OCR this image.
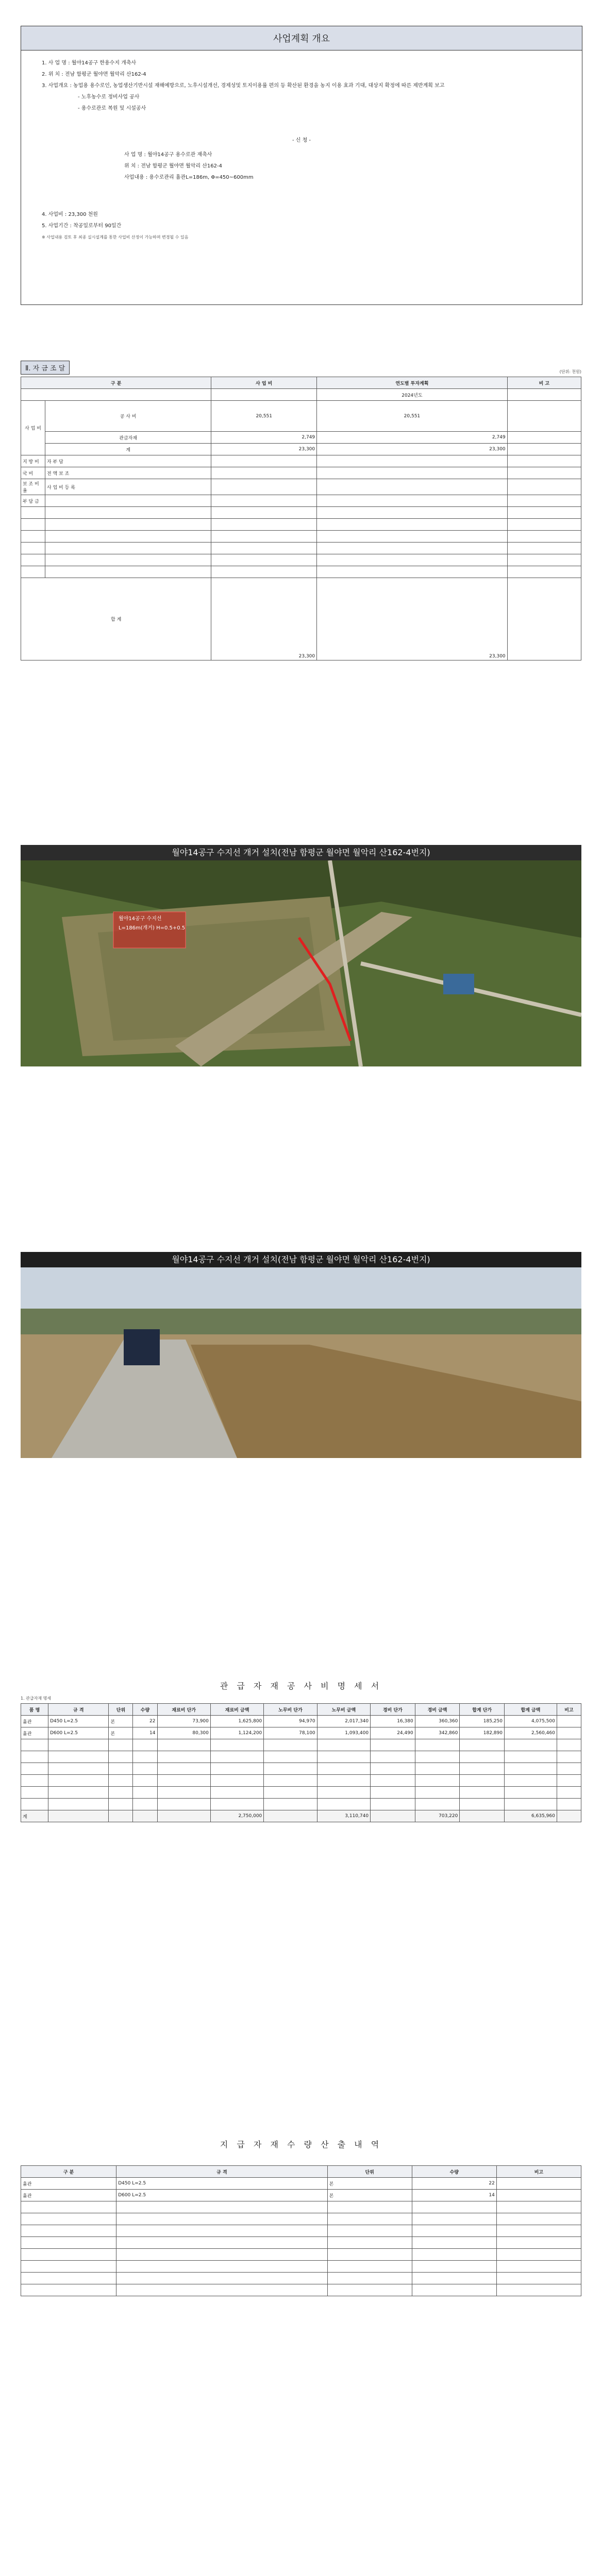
사업계획 개요
1. 사 업 명 : 월야14공구 한용수지 개축사
2. 위 치 : 전남 함평군 월야면 월악리 산162-4
3. 사업개요 : 농업용 용수로인, 농업생산기반시설 재해예방으로, 노후시설개선, 경제성및 토지이용률 편의 등 확산된 환경을 농지 이용 효과 기대, 대상지 확정에 따른 제반계획 보고
- 노후농수로 정비사업 공사
- 용수로관로 복원 및 시설공사
- 신 청 -
사 업 명 : 월야14공구 용수로관 재축사
위 치 : 전남 함평군 월야면 월악리 산162-4
사업내용 : 용수로관리 흄관L=186m, Φ=450~600mm
4. 사업비 : 23,300 천원
5. 사업기간 : 착공일로부터 90일간
※ 사업내용 검토 후 최종 실시설계를 통한 사업비 산정이 가능하며 변경될 수 있음
Ⅱ. 자 금 조 달	(단위: 천원)
구 분		사 업 비	연도별 투자계획	비 고
			2024년도	
사 업 비	공 사 비	20,551	20,551	
	관급자재	2,749	2,749	
	계	23,300	23,300	
지 방 비	자 부 담			
국 비	전 액 보 조			
보 조 비 율	사 업 비 등 록			
부 담 금				

합 계		23,300	23,300	
월야14공구 수지선 개거 설치(전남 함평군 월야면 월악리 산162-4번지)
월야14공구 수지선 L=186m(개거) H=0.5+0.5
월야14공구 수지선 개거 설치(전남 함평군 월야면 월악리 산162-4번지)
관 급 자 재 공 사 비 명 세 서
1. 관급자재 명세
품 명	규 격	단위	수량	재료비 단가	재료비 금액	노무비 단가	노무비 금액	경비 단가	경비 금액	합계 단가	합계 금액	비고
흄관	D450 L=2.5	본	22	73,900	1,625,800	94,970	2,017,340	16,380	360,360	185,250	4,075,500	
흄관	D600 L=2.5	본	14	80,300	1,124,200	78,100	1,093,400	24,490	342,860	182,890	2,560,460	

계					2,750,000		3,110,740		703,220		6,635,960	
지 급 자 재 수 량 산 출 내 역
구 분	규 격	단위	수량	비고
흄관	D450 L=2.5	본	22	
흄관	D600 L=2.5	본	14	
